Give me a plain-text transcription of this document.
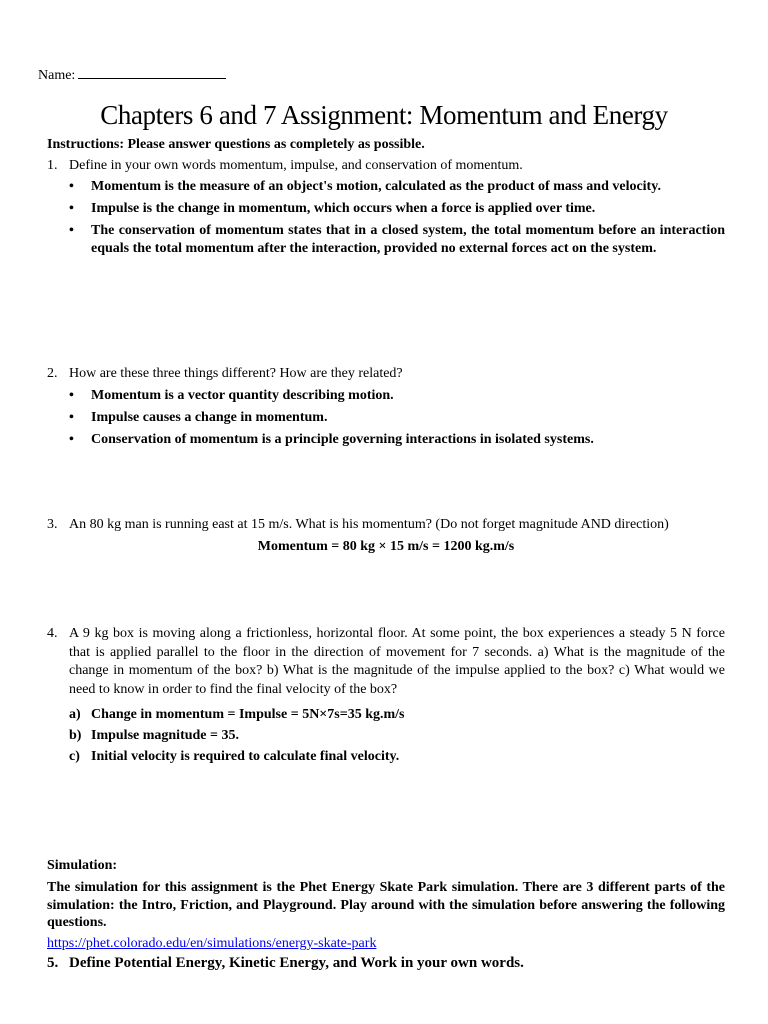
Name:
Chapters 6 and 7 Assignment: Momentum and Energy
Instructions: Please answer questions as completely as possible.
1. Define in your own words momentum, impulse, and conservation of momentum.
• Momentum is the measure of an object's motion, calculated as the product of mass and velocity.
• Impulse is the change in momentum, which occurs when a force is applied over time.
• The conservation of momentum states that in a closed system, the total momentum before an interaction equals the total momentum after the interaction, provided no external forces act on the system.
2. How are these three things different? How are they related?
• Momentum is a vector quantity describing motion.
• Impulse causes a change in momentum.
• Conservation of momentum is a principle governing interactions in isolated systems.
3. An 80 kg man is running east at 15 m/s. What is his momentum? (Do not forget magnitude AND direction)
Momentum = 80 kg × 15 m/s = 1200 kg.m/s
4. A 9 kg box is moving along a frictionless, horizontal floor. At some point, the box experiences a steady 5 N force that is applied parallel to the floor in the direction of movement for 7 seconds. a) What is the magnitude of the change in momentum of the box? b) What is the magnitude of the impulse applied to the box? c) What would we need to know in order to find the final velocity of the box?
a) Change in momentum = Impulse = 5N×7s=35 kg.m/s
b) Impulse magnitude = 35.
c) Initial velocity is required to calculate final velocity.
Simulation:
The simulation for this assignment is the Phet Energy Skate Park simulation. There are 3 different parts of the simulation: the Intro, Friction, and Playground. Play around with the simulation before answering the following questions.
https://phet.colorado.edu/en/simulations/energy-skate-park
5. Define Potential Energy, Kinetic Energy, and Work in your own words.
